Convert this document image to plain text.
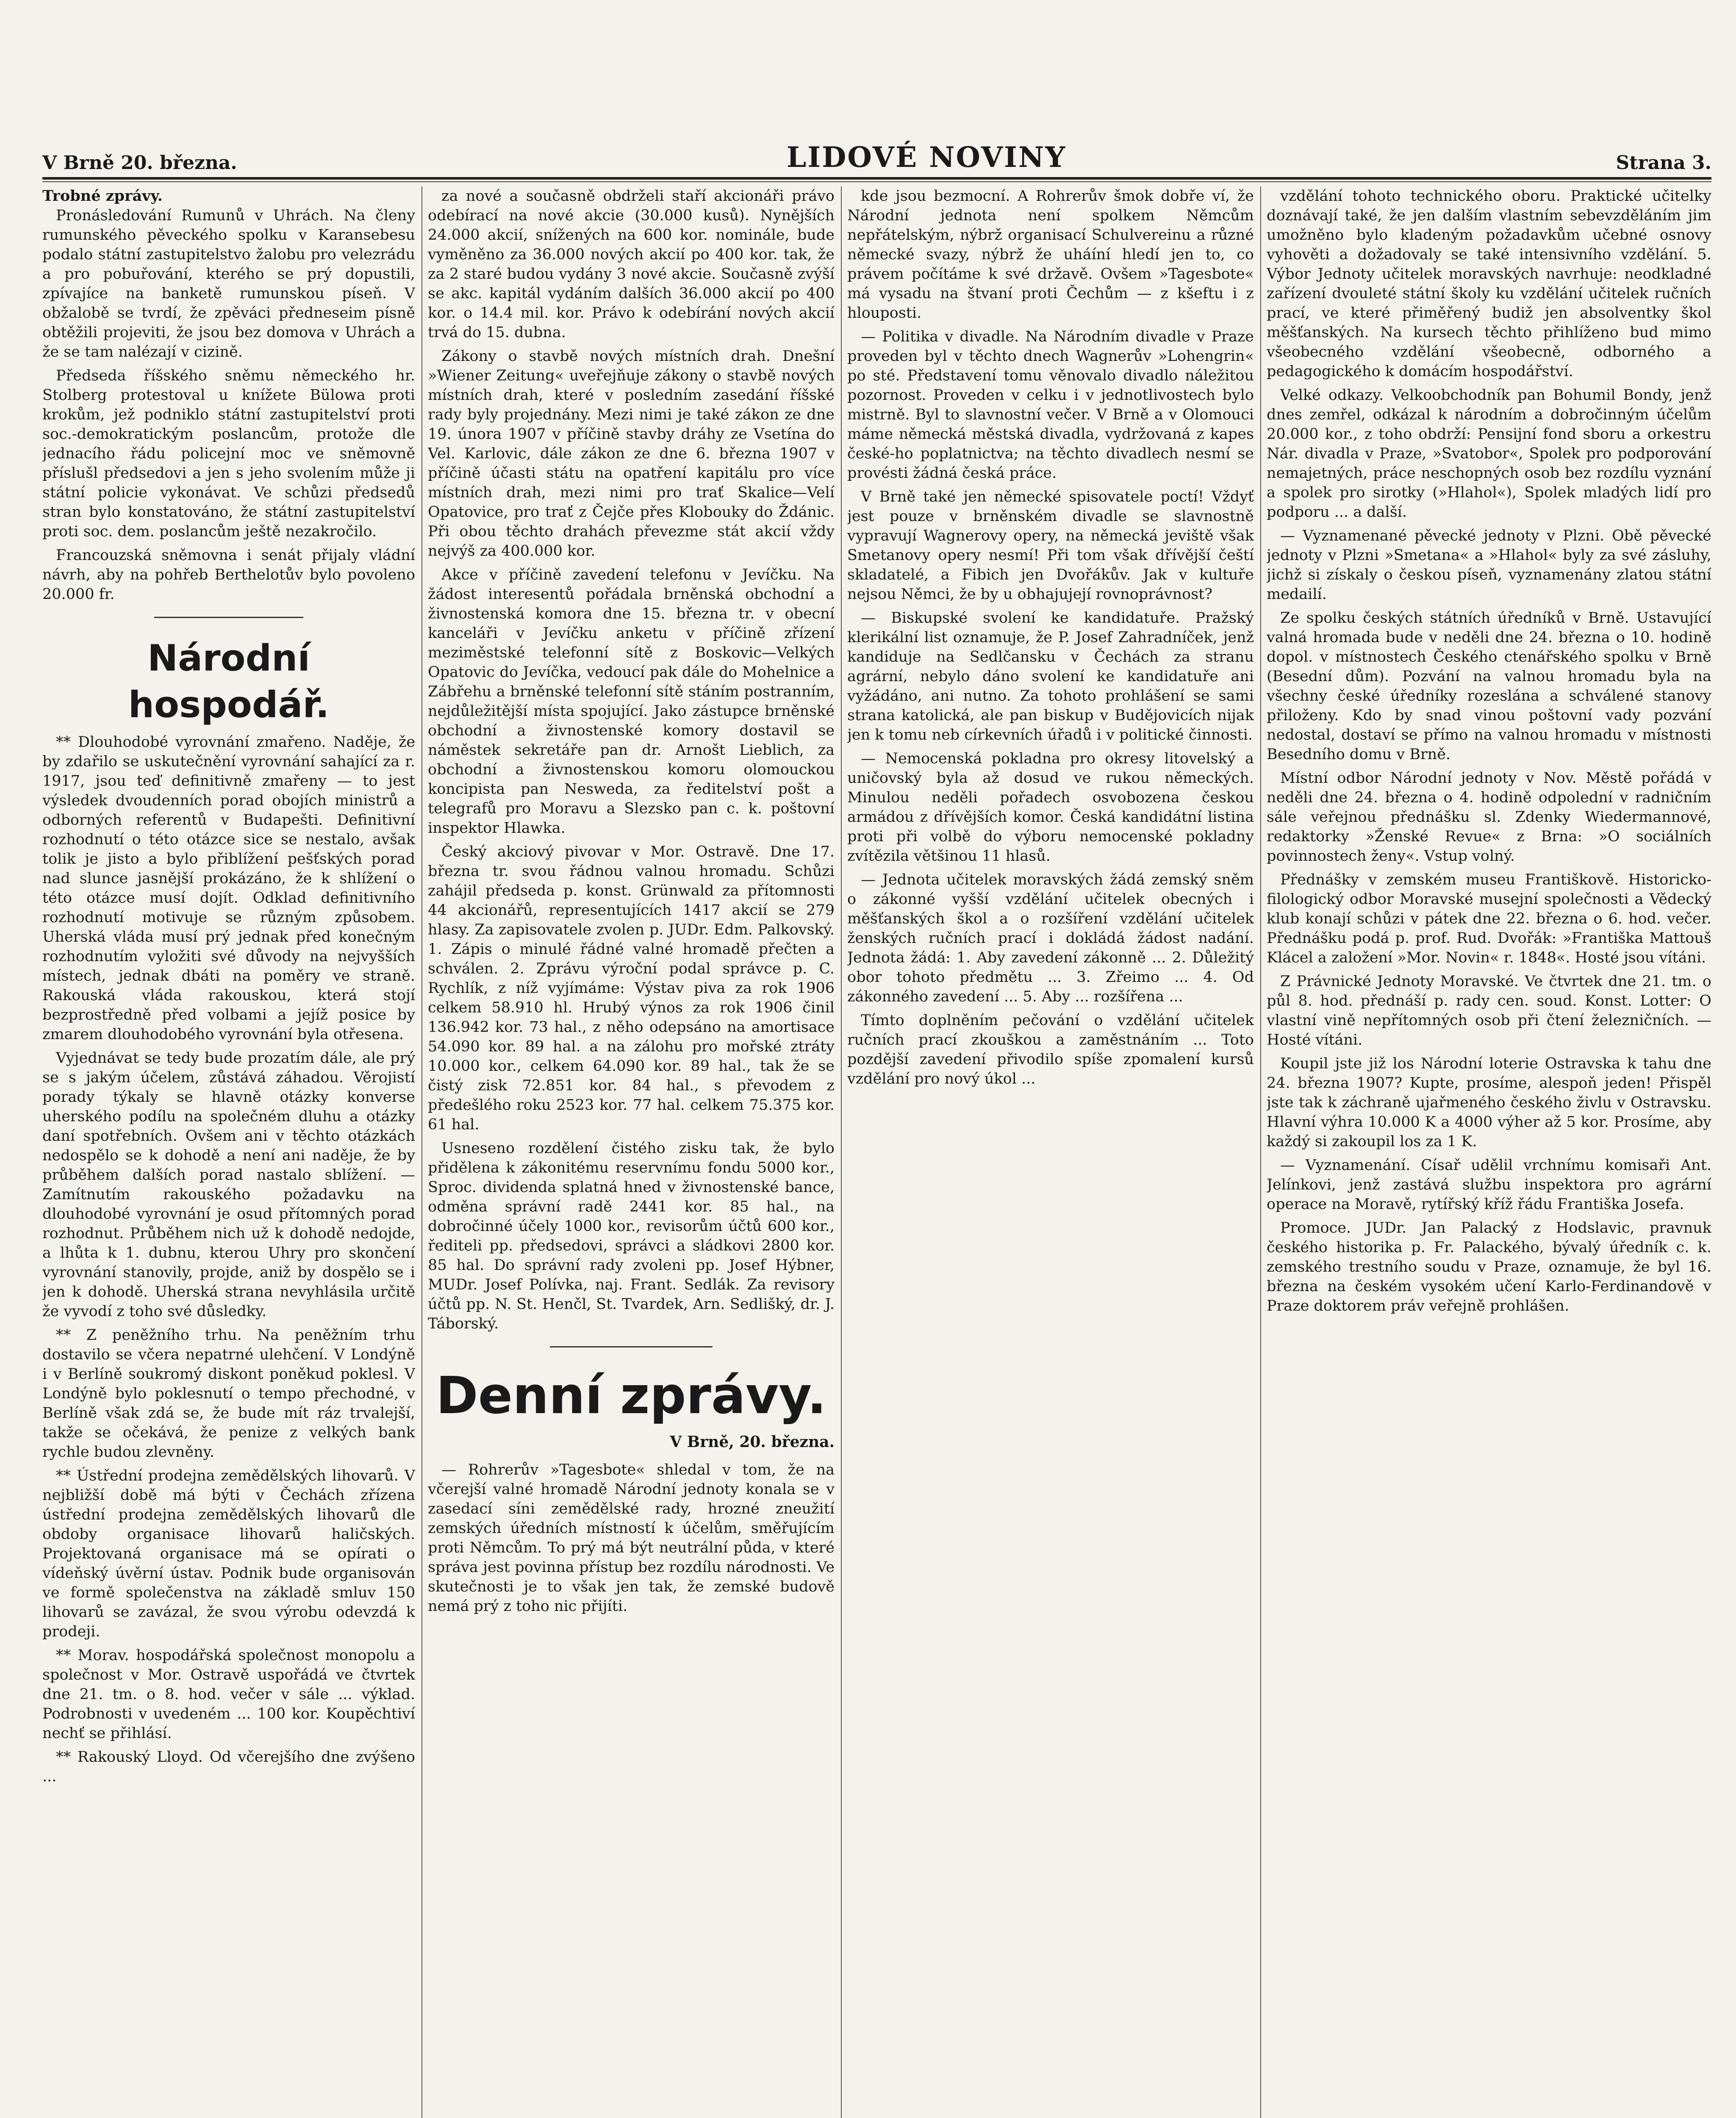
V Brně 20. března.	LIDOVÉ NOVINY	Strana 3.
Trobné zprávy.

Pronásledování Rumunů v Uhrách. Na členy rumunského pěveckého spolku v Karansebesu podalo státní zastupitelstvo žalobu pro velezrádu a pro pobuřování, kterého se prý dopustili, zpívajíce na banketě rumunskou píseň. V obžalobě se tvrdí, že zpěváci předneseim písně obtěžili projeviti, že jsou bez domova v Uhrách a že se tam nalézají v cizině.

Předseda říšského sněmu německého hr. Stolberg protestoval u knížete Bülowa proti krokům, jež podniklo státní zastupitelství proti soc.-demokratickým poslancům, protože dle jednacího řádu policejní moc ve sněmovně příslušl předsedovi a jen s jeho svolením může ji státní policie vykonávat. Ve schůzi předsedů stran bylo konstatováno, že státní zastupitelství proti soc. dem. poslancům ještě nezakročilo.

Francouzská sněmovna i senát přijaly vládní návrh, aby na pohřeb Berthelotův bylo povoleno 20.000 fr.

Národní hospodář.

** Dlouhodobé vyrovnání zmařeno. Naděje, že by zdařilo se uskutečnění vyrovnání sahající za r. 1917, jsou teď definitivně zmařeny — to jest výsledek dvoudenních porad obojích ministrů a odborných referentů v Budapešti. Definitivní rozhodnutí o této otázce sice se nestalo, avšak tolik je jisto a bylo přiblížení pešťských porad nad slunce jasnější prokázáno, že k shlížení o této otázce musí dojít. Odklad definitivního rozhodnutí motivuje se různým způsobem. Uherská vláda musí prý jednak před konečným rozhodnutím vyložiti své důvody na nejvyšších místech, jednak dbáti na poměry ve straně. Rakouská vláda rakouskou, která stojí bezprostředně před volbami a jejíž posice by zmarem dlouhodobého vyrovnání byla otřesena.

Vyjednávat se tedy bude prozatím dále, ale prý se s jakým účelem, zůstává záhadou. Věrojistí porady týkaly se hlavně otázky konverse uherského podílu na společném dluhu a otázky daní spotřebních. Ovšem ani v těchto otázkách nedospělo se k dohodě a není ani naděje, že by průběhem dalších porad nastalo sblížení. — Zamítnutím rakouského požadavku na dlouhodobé vyrovnání je osud přítomných porad rozhodnut. Průběhem nich už k dohodě nedojde, a lhůta k 1. dubnu, kterou Uhry pro skončení vyrovnání stanovily, projde, aniž by dospělo se i jen k dohodě. Uherská strana nevyhlásila určitě že vyvodí z toho své důsledky.

** Z peněžního trhu. Na peněžním trhu dostavilo se včera nepatrné ulehčení. V Londýně i v Berlíně soukromý diskont poněkud poklesl. V Londýně bylo poklesnutí o tempo přechodné, v Berlíně však zdá se, že bude mít ráz trvalejší, takže se očekává, že penize z velkých bank rychle budou zlevněny.

** Ústřední prodejna zemědělských lihovarů. V nejbližší době má býti v Čechách zřízena ústřední prodejna zemědělských lihovarů dle obdoby organisace lihovarů haličských. Projektovaná organisace má se opírati o vídeňský úvěrní ústav. Podnik bude organisován ve formě společenstva na základě smluv 150 lihovarů se zavázal, že svou výrobu odevzdá k prodeji.

** Morav. hospodářská společnost monopolu a společnost v Mor. Ostravě uspořádá ve čtvrtek dne 21. tm. o 8. hod. večer v sále ... výklad. Podrobnosti v uvedeném ... 100 kor. Koupěchtiví nechť se přihlásí.

** Rakouský Lloyd. Od včerejšího dne zvýšeno ...

za nové a současně obdrželi staří akcionáři právo odebírací na nové akcie (30.000 kusů). Nynějších 24.000 akcií, snížených na 600 kor. nominále, bude vyměněno za 36.000 nových akcií po 400 kor. tak, že za 2 staré budou vydány 3 nové akcie. Současně zvýší se akc. kapitál vydáním dalších 36.000 akcií po 400 kor. o 14.4 mil. kor. Právo k odebírání nových akcií trvá do 15. dubna.

Zákony o stavbě nových místních drah. Dnešní »Wiener Zeitung« uveřejňuje zákony o stavbě nových místních drah, které v posledním zasedání říšské rady byly projednány. Mezi nimi je také zákon ze dne 19. února 1907 v příčině stavby dráhy ze Vsetína do Vel. Karlovic, dále zákon ze dne 6. března 1907 v příčině účasti státu na opatření kapitálu pro více místních drah, mezi nimi pro trať Skalice—Velí Opatovice, pro trať z Čejče přes Klobouky do Ždánic. Při obou těchto drahách převezme stát akcií vždy nejvýš za 400.000 kor.

Akce v příčině zavedení telefonu v Jevíčku. Na žádost interesentů pořádala brněnská obchodní a živnostenská komora dne 15. března tr. v obecní kanceláři v Jevíčku anketu v příčině zřízení meziměstské telefonní sítě z Boskovic—Velkých Opatovic do Jevíčka, vedoucí pak dále do Mohelnice a Zábřehu a brněnské telefonní sítě stáním postranním, nejdůležitější místa spojující. Jako zástupce brněnské obchodní a živnostenské komory dostavil se náměstek sekretáře pan dr. Arnošt Lieblich, za obchodní a živnostenskou komoru olomouckou koncipista pan Nesweda, za ředitelství pošt a telegrafů pro Moravu a Slezsko pan c. k. poštovní inspektor Hlawka.

Český akciový pivovar v Mor. Ostravě. Dne 17. března tr. svou řádnou valnou hromadu. Schůzi zahájil předseda p. konst. Grünwald za přítomnosti 44 akcionářů, representujících 1417 akcií se 279 hlasy. Za zapisovatele zvolen p. JUDr. Edm. Palkovský. 1. Zápis o minulé řádné valné hromadě přečten a schválen. 2. Zprávu výroční podal správce p. C. Rychlík, z níž vyjímáme: Výstav piva za rok 1906 celkem 58.910 hl. Hrubý výnos za rok 1906 činil 136.942 kor. 73 hal., z něho odepsáno na amortisace 54.090 kor. 89 hal. a na zálohu pro mořské ztráty 10.000 kor., celkem 64.090 kor. 89 hal., tak že se čistý zisk 72.851 kor. 84 hal., s převodem z předešlého roku 2523 kor. 77 hal. celkem 75.375 kor. 61 hal.

Usneseno rozdělení čistého zisku tak, že bylo přidělena k zákonitému reservnímu fondu 5000 kor., Sproc. dividenda splatná hned v živnostenské bance, odměna správní radě 2441 kor. 85 hal., na dobročinné účely 1000 kor., revisorům účtů 600 kor., řediteli pp. předsedovi, správci a sládkovi 2800 kor. 85 hal. Do správní rady zvoleni pp. Josef Hýbner, MUDr. Josef Polívka, naj. Frant. Sedlák. Za revisory účtů pp. N. St. Henčl, St. Tvardek, Arn. Sedlišký, dr. J. Táborský.

Denní zprávy.
V Brně, 20. března.

— Rohrerův »Tagesbote« shledal v tom, že na včerejší valné hromadě Národní jednoty konala se v zasedací síni zemědělské rady, hrozné zneužití zemských úředních místností k účelům, směřujícím proti Němcům. To prý má být neutrální půda, v které správa jest povinna přístup bez rozdílu národnosti. Ve skutečnosti je to však jen tak, že zemské budově nemá prý z toho nic přijíti.

kde jsou bezmocní. A Rohrerův šmok dobře ví, že Národní jednota není spolkem Němcům nepřátelským, nýbrž organisací Schulvereinu a různé německé svazy, nýbrž že uháíní hledí jen to, co právem počítáme k své državě. Ovšem »Tagesbote« má vysadu na štvaní proti Čechům — z kšeftu i z hlouposti.

— Politika v divadle. Na Národním divadle v Praze proveden byl v těchto dnech Wagnerův »Lohengrin« po sté. Představení tomu věnovalo divadlo náležitou pozornost. Proveden v celku i v jednotlivostech bylo mistrně. Byl to slavnostní večer. V Brně a v Olomouci máme německá městská divadla, vydržovaná z kapes české-ho poplatnictva; na těchto divadlech nesmí se provésti žádná česká práce.

V Brně také jen německé spisovatele poctí! Vždyť jest pouze v brněnském divadle se slavnostně vypravují Wagnerovy opery, na německá jeviště však Smetanovy opery nesmí! Při tom však dřívější čeští skladatelé, a Fibich jen Dvořákův. Jak v kultuře nejsou Němci, že by u obhajujejí rovnoprávnost?

— Biskupské svolení ke kandidatuře. Pražský klerikální list oznamuje, že P. Josef Zahradníček, jenž kandiduje na Sedlčansku v Čechách za stranu agrární, nebylo dáno svolení ke kandidatuře ani vyžádáno, ani nutno. Za tohoto prohlášení se sami strana katolická, ale pan biskup v Budějovicích nijak jen k tomu neb církevních úřadů i v politické činnosti.

— Nemocenská pokladna pro okresy litovelský a uničovský byla až dosud ve rukou německých. Minulou neděli pořadech osvobozena českou armádou z dřívějších komor. Česká kandidátní listina proti při volbě do výboru nemocenské pokladny zvítězila většinou 11 hlasů.

— Jednota učitelek moravských žádá zemský sněm o zákonné vyšší vzdělání učitelek obecných i měšťanských škol a o rozšíření vzdělání učitelek ženských ručních prací i dokládá žádost nadání. Jednota žádá: 1. Aby zavedení zákonně ... 2. Důležitý obor tohoto předmětu ... 3. Zřeimo ... 4. Od zákonného zavedení ... 5. Aby ... rozšířena ...

Tímto doplněním pečování o vzdělání učitelek ručních prací zkouškou a zaměstnáním ... Toto pozdější zavedení přivodilo spíše zpomalení kursů vzdělání pro nový úkol ...

vzdělání tohoto technického oboru. Praktické učitelky doznávají také, že jen dalším vlastním sebevzděláním jim umožněno bylo kladeným požadavkům učebné osnovy vyhověti a dožadovaly se také intensivního vzdělání. 5. Výbor Jednoty učitelek moravských navrhuje: neodkladné zařízení dvouleté státní školy ku vzdělání učitelek ručních prací, ve které přiměřený budiž jen absolventky škol měšťanských. Na kursech těchto přihlíženo bud mimo všeobecného vzdělání všeobecně, odborného a pedagogického k domácím hospodářství.

Velké odkazy. Velkoobchodník pan Bohumil Bondy, jenž dnes zemřel, odkázal k národním a dobročinným účelům 20.000 kor., z toho obdrží: Pensijní fond sboru a orkestru Nár. divadla v Praze, »Svatobor«, Spolek pro podporování nemajetných, práce neschopných osob bez rozdílu vyznání a spolek pro sirotky (»Hlahol«), Spolek mladých lidí pro podporu ... a další.

— Vyznamenané pěvecké jednoty v Plzni. Obě pěvecké jednoty v Plzni »Smetana« a »Hlahol« byly za své zásluhy, jichž si získaly o českou píseň, vyznamenány zlatou státní medailí.

Ze spolku českých státních úředníků v Brně. Ustavující valná hromada bude v neděli dne 24. března o 10. hodině dopol. v místnostech Českého ctenářského spolku v Brně (Besední dům). Pozvání na valnou hromadu byla na všechny české úředníky rozeslána a schválené stanovy přiloženy. Kdo by snad vinou poštovní vady pozvání nedostal, dostaví se přímo na valnou hromadu v místnosti Besedního domu v Brně.

Místní odbor Národní jednoty v Nov. Městě pořádá v neděli dne 24. března o 4. hodině odpolední v radničním sále veřejnou přednášku sl. Zdenky Wiedermannové, redaktorky »Ženské Revue« z Brna: »O sociálních povinnostech ženy«. Vstup volný.

Přednášky v zemském museu Františkově. Historicko-filologický odbor Moravské musejní společnosti a Vědecký klub konají schůzi v pátek dne 22. března o 6. hod. večer. Přednášku podá p. prof. Rud. Dvořák: »Františka Mattouš Klácel a založení »Mor. Novin« r. 1848«. Hosté jsou vítáni.

Z Právnické Jednoty Moravské. Ve čtvrtek dne 21. tm. o půl 8. hod. přednáší p. rady cen. soud. Konst. Lotter: O vlastní vině nepřítomných osob při čtení železničních. — Hosté vítáni.

Koupil jste již los Národní loterie Ostravska k tahu dne 24. března 1907? Kupte, prosíme, alespoň jeden! Přispěl jste tak k záchraně ujařmeného českého živlu v Ostravsku. Hlavní výhra 10.000 K a 4000 výher až 5 kor. Prosíme, aby každý si zakoupil los za 1 K.

— Vyznamenání. Císař udělil vrchnímu komisaři Ant. Jelínkovi, jenž zastává službu inspektora pro agrární operace na Moravě, rytířský kříž řádu Františka Josefa.

Promoce. JUDr. Jan Palacký z Hodslavic, pravnuk českého historika p. Fr. Palackého, bývalý úředník c. k. zemského trestního soudu v Praze, oznamuje, že byl 16. března na českém vysokém učení Karlo-Ferdinandově v Praze doktorem práv veřejně prohlášen.
